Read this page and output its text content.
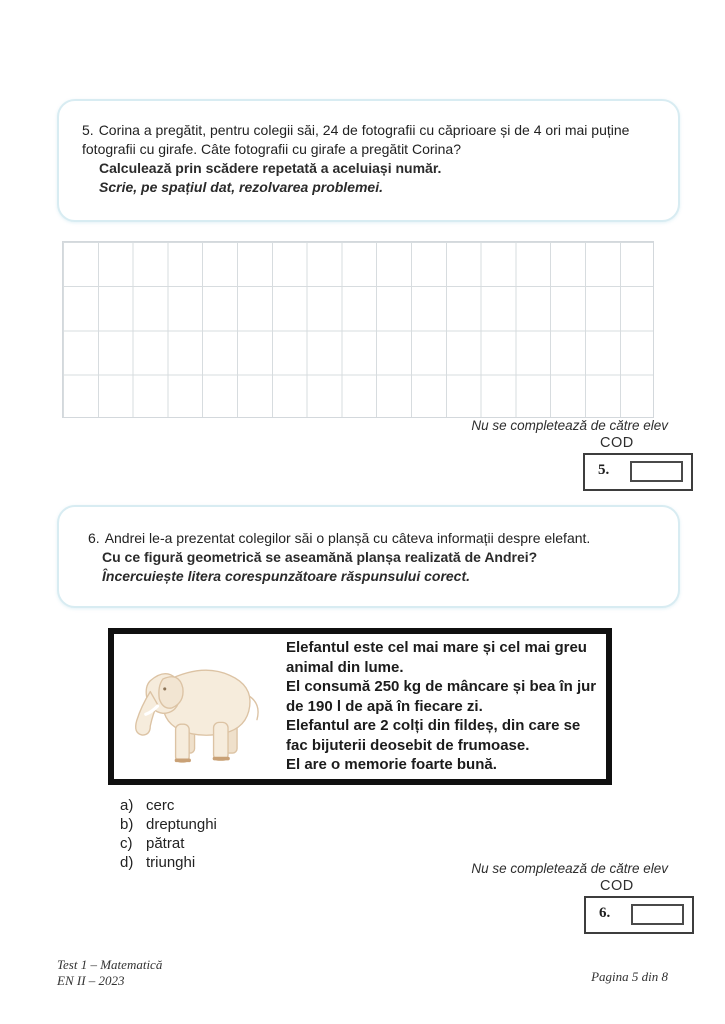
5. Corina a pregătit, pentru colegii săi, 24 de fotografii cu căprioare și de 4 ori mai puține fotografii cu girafe. Câte fotografii cu girafe a pregătit Corina?
Calculează prin scădere repetată a aceluiași număr.
Scrie, pe spațiul dat, rezolvarea problemei.
Nu se completează de către elev
COD
5.
6. Andrei le-a prezentat colegilor săi o planșă cu câteva informații despre elefant.
Cu ce figură geometrică se aseamănă planșa realizată de Andrei?
Încercuiește litera corespunzătoare răspunsului corect.

Elefantul este cel mai mare și cel mai greu animal din lume.

El consumă 250 kg de mâncare și bea în jur de 190 l de apă în fiecare zi.

Elefantul are 2 colți din fildeș, din care se fac bijuterii deosebit de frumoase.

El are o memorie foarte bună.

a) cerc
b) dreptunghi
c) pătrat
d) triunghi	Nu se completează de către elev
COD
6.
Test 1 – Matematică
EN II – 2023	Pagina 5 din 8
